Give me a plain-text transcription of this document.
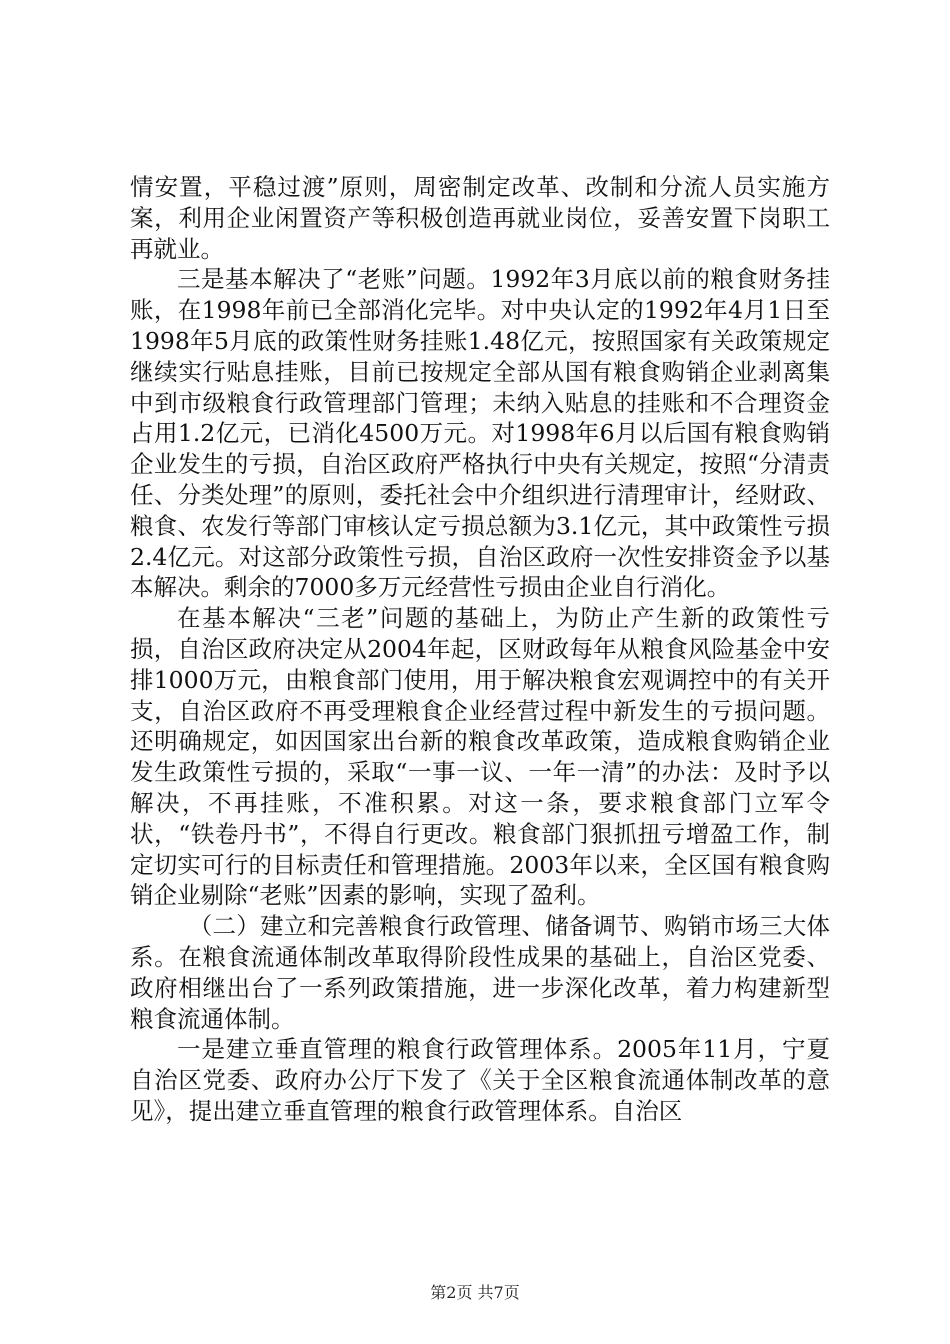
情安置，平稳过渡”原则，周密制定改革、改制和分流人员实施方案，利用企业闲置资产等积极创造再就业岗位，妥善安置下岗职工再就业。

三是基本解决了“老账”问题。1992年3月底以前的粮食财务挂账，在1998年前已全部消化完毕。对中央认定的1992年4月1日至1998年5月底的政策性财务挂账1.48亿元，按照国家有关政策规定继续实行贴息挂账，目前已按规定全部从国有粮食购销企业剥离集中到市级粮食行政管理部门管理；未纳入贴息的挂账和不合理资金占用1.2亿元，已消化4500万元。对1998年6月以后国有粮食购销企业发生的亏损，自治区政府严格执行中央有关规定，按照“分清责任、分类处理”的原则，委托社会中介组织进行清理审计，经财政、粮食、农发行等部门审核认定亏损总额为3.1亿元，其中政策性亏损2.4亿元。对这部分政策性亏损，自治区政府一次性安排资金予以基本解决。剩余的7000多万元经营性亏损由企业自行消化。

在基本解决“三老”问题的基础上，为防止产生新的政策性亏损，自治区政府决定从2004年起，区财政每年从粮食风险基金中安排1000万元，由粮食部门使用，用于解决粮食宏观调控中的有关开支，自治区政府不再受理粮食企业经营过程中新发生的亏损问题。还明确规定，如因国家出台新的粮食改革政策，造成粮食购销企业发生政策性亏损的，采取“一事一议、一年一清”的办法：及时予以解决，不再挂账，不准积累。对这一条，要求粮食部门立军令状，“铁卷丹书”，不得自行更改。粮食部门狠抓扭亏增盈工作，制定切实可行的目标责任和管理措施。2003年以来，全区国有粮食购销企业剔除“老账”因素的影响，实现了盈利。

（二）建立和完善粮食行政管理、储备调节、购销市场三大体系。在粮食流通体制改革取得阶段性成果的基础上，自治区党委、政府相继出台了一系列政策措施，进一步深化改革，着力构建新型粮食流通体制。

一是建立垂直管理的粮食行政管理体系。2005年11月，宁夏自治区党委、政府办公厅下发了《关于全区粮食流通体制改革的意见》，提出建立垂直管理的粮食行政管理体系。自治区

第2页 共7页
